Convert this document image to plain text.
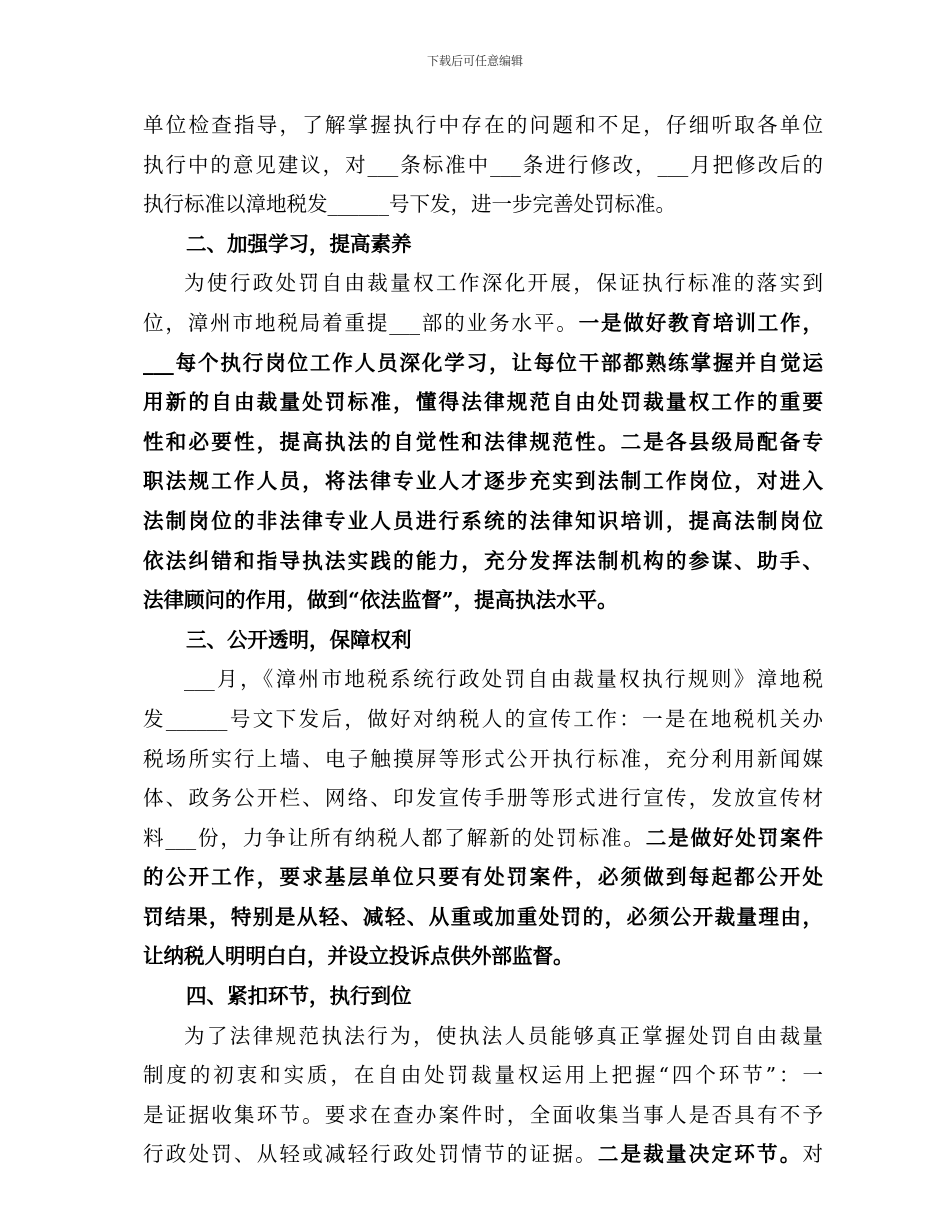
下载后可任意编辑
单位检查指导，了解掌握执行中存在的问题和不足，仔细听取各单位
执行中的意见建议，对___条标准中___条进行修改，___月把修改后的
执行标准以漳地税发______号下发，进一步完善处罚标准。
二、加强学习，提高素养
为使行政处罚自由裁量权工作深化开展，保证执行标准的落实到
位，漳州市地税局着重提___部的业务水平。一是做好教育培训工作，
___每个执行岗位工作人员深化学习，让每位干部都熟练掌握并自觉运
用新的自由裁量处罚标准，懂得法律规范自由处罚裁量权工作的重要
性和必要性，提高执法的自觉性和法律规范性。二是各县级局配备专
职法规工作人员，将法律专业人才逐步充实到法制工作岗位，对进入
法制岗位的非法律专业人员进行系统的法律知识培训，提高法制岗位
依法纠错和指导执法实践的能力，充分发挥法制机构的参谋、助手、
法律顾问的作用，做到“依法监督”，提高执法水平。
三、公开透明，保障权利
___月，《漳州市地税系统行政处罚自由裁量权执行规则》漳地税
发______号文下发后，做好对纳税人的宣传工作：一是在地税机关办
税场所实行上墙、电子触摸屏等形式公开执行标准，充分利用新闻媒
体、政务公开栏、网络、印发宣传手册等形式进行宣传，发放宣传材
料___份，力争让所有纳税人都了解新的处罚标准。二是做好处罚案件
的公开工作，要求基层单位只要有处罚案件，必须做到每起都公开处
罚结果，特别是从轻、减轻、从重或加重处罚的，必须公开裁量理由，
让纳税人明明白白，并设立投诉点供外部监督。
四、紧扣环节，执行到位
为了法律规范执法行为，使执法人员能够真正掌握处罚自由裁量
制度的初衷和实质，在自由处罚裁量权运用上把握“四个环节”：一
是证据收集环节。要求在查办案件时，全面收集当事人是否具有不予
行政处罚、从轻或减轻行政处罚情节的证据。二是裁量决定环节。对
